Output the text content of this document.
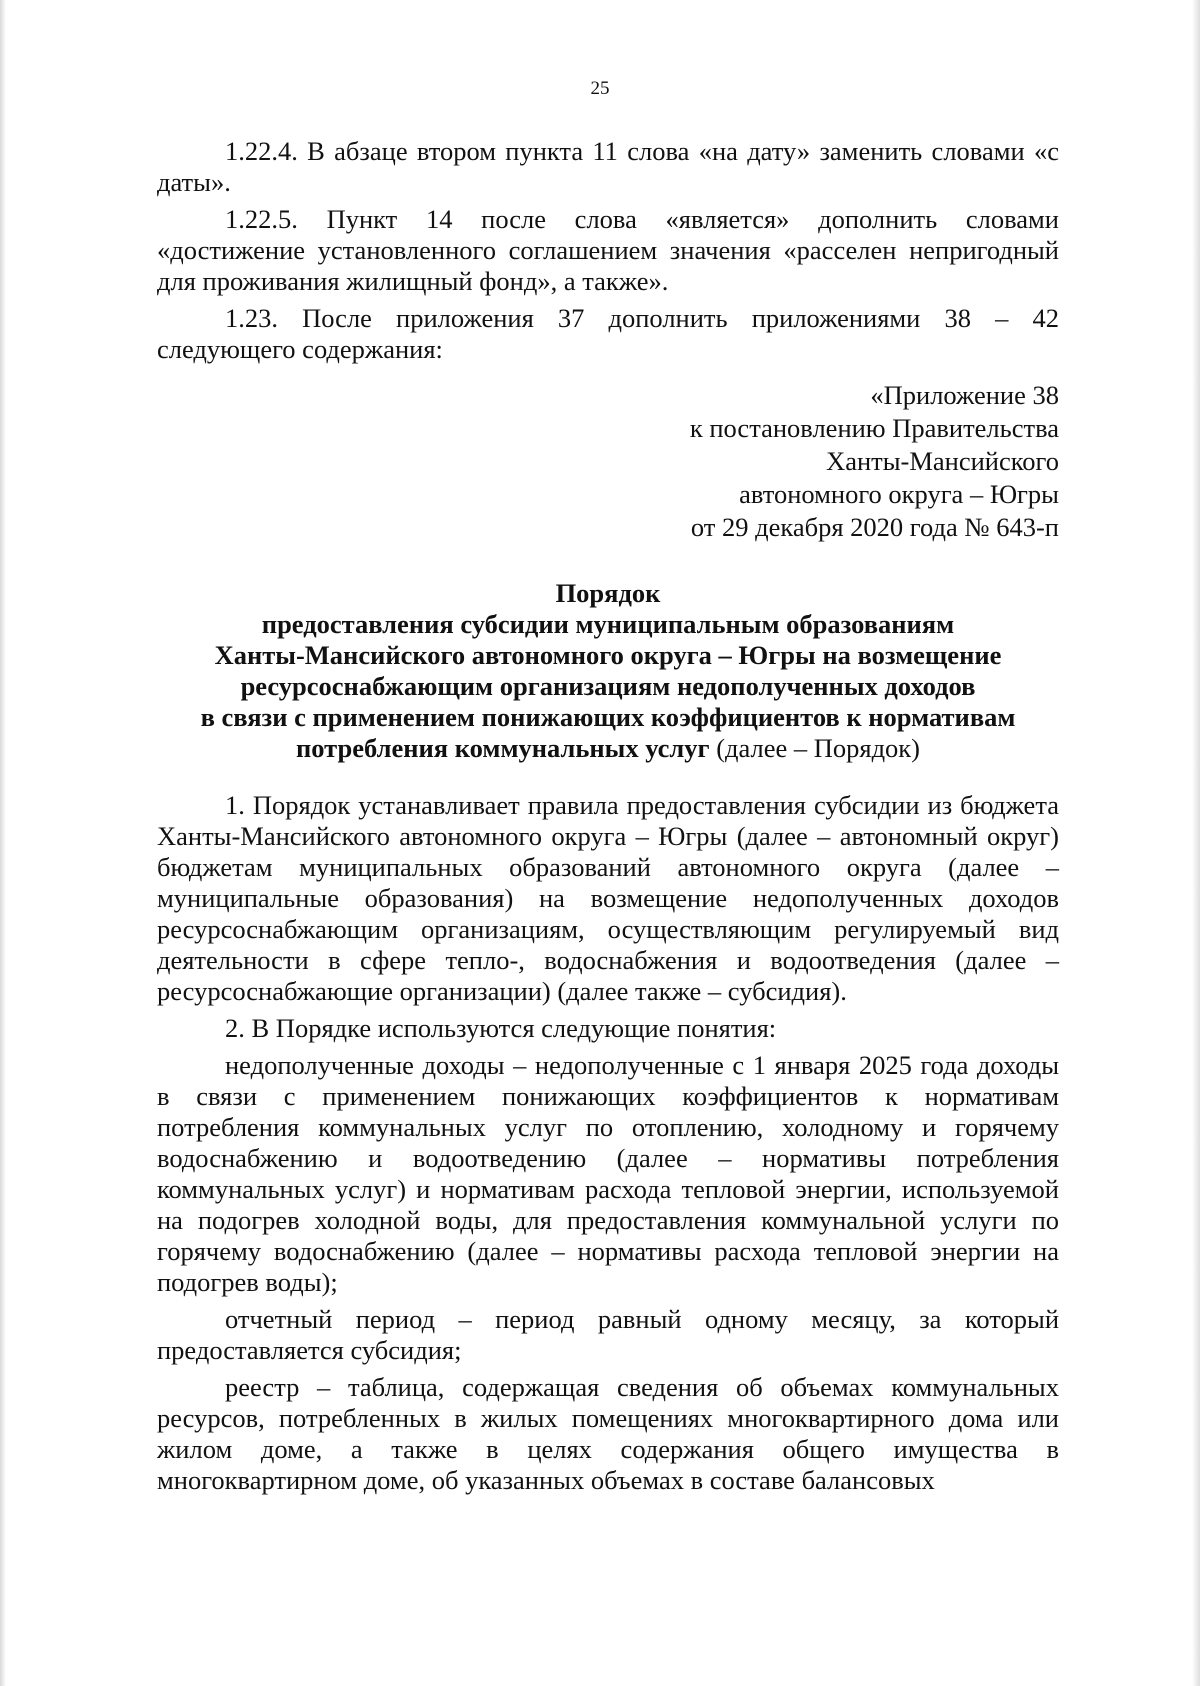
25

1.22.4. В абзаце втором пункта 11 слова «на дату» заменить словами «с даты».

1.22.5. Пункт 14 после слова «является» дополнить словами «достижение установленного соглашением значения «расселен непригодный для проживания жилищный фонд», а также».

1.23. После приложения 37 дополнить приложениями 38 – 42 следующего содержания:

«Приложение 38
к постановлению Правительства
Ханты-Мансийского
автономного округа – Югры
от 29 декабря 2020 года № 643-п
Порядок
предоставления субсидии муниципальным образованиям
Ханты-Мансийского автономного округа – Югры на возмещение
ресурсоснабжающим организациям недополученных доходов
в связи с применением понижающих коэффициентов к нормативам
потребления коммунальных услуг (далее – Порядок)

1. Порядок устанавливает правила предоставления субсидии из бюджета Ханты-Мансийского автономного округа – Югры (далее – автономный округ) бюджетам муниципальных образований автономного округа (далее – муниципальные образования) на возмещение недополученных доходов ресурсоснабжающим организациям, осуществляющим регулируемый вид деятельности в сфере тепло-, водоснабжения и водоотведения (далее – ресурсоснабжающие организации) (далее также – субсидия).

2. В Порядке используются следующие понятия:

недополученные доходы – недополученные с 1 января 2025 года доходы в связи с применением понижающих коэффициентов к нормативам потребления коммунальных услуг по отоплению, холодному и горячему водоснабжению и водоотведению (далее – нормативы потребления коммунальных услуг) и нормативам расхода тепловой энергии, используемой на подогрев холодной воды, для предоставления коммунальной услуги по горячему водоснабжению (далее – нормативы расхода тепловой энергии на подогрев воды);

отчетный период – период равный одному месяцу, за который предоставляется субсидия;

реестр – таблица, содержащая сведения об объемах коммунальных ресурсов, потребленных в жилых помещениях многоквартирного дома или жилом доме, а также в целях содержания общего имущества в многоквартирном доме, об указанных объемах в составе балансовых
